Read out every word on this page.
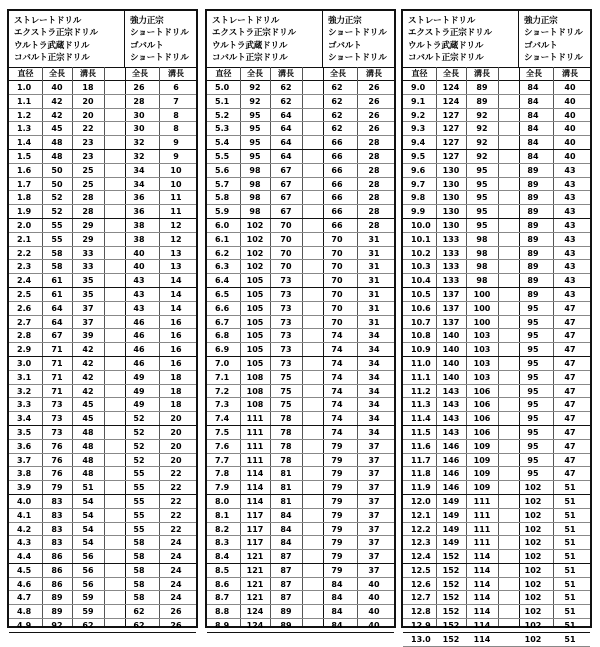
ストレートドリル
エクストラ正宗ドリル
ウルトラ武蔵ドリル
コバルト正宗ドリル
強力正宗
ショートドリル
ゴバルト
ショートドリル
直径	全長	溝長	全長	溝長
1.0	40	18	26	6
1.1	42	20	28	7
1.2	42	20	30	8
1.3	45	22	30	8
1.4	48	23	32	9
1.5	48	23	32	9
1.6	50	25	34	10
1.7	50	25	34	10
1.8	52	28	36	11
1.9	52	28	36	11
2.0	55	29	38	12
2.1	55	29	38	12
2.2	58	33	40	13
2.3	58	33	40	13
2.4	61	35	43	14
2.5	61	35	43	14
2.6	64	37	43	14
2.7	64	37	46	16
2.8	67	39	46	16
2.9	71	42	46	16
3.0	71	42	46	16
3.1	71	42	49	18
3.2	71	42	49	18
3.3	73	45	49	18
3.4	73	45	52	20
3.5	73	48	52	20
3.6	76	48	52	20
3.7	76	48	52	20
3.8	76	48	55	22
3.9	79	51	55	22
4.0	83	54	55	22
4.1	83	54	55	22
4.2	83	54	55	22
4.3	83	54	58	24
4.4	86	56	58	24
4.5	86	56	58	24
4.6	86	56	58	24
4.7	89	59	58	24
4.8	89	59	62	26
4.9	92	62	62	26
ストレートドリル
エクストラ正宗ドリル
ウルトラ武蔵ドリル
コバルト正宗ドリル
強力正宗
ショートドリル
ゴバルト
ショートドリル
直径	全長	溝長	全長	溝長
5.0	92	62	62	26
5.1	92	62	62	26
5.2	95	64	62	26
5.3	95	64	62	26
5.4	95	64	66	28
5.5	95	64	66	28
5.6	98	67	66	28
5.7	98	67	66	28
5.8	98	67	66	28
5.9	98	67	66	28
6.0	102	70	66	28
6.1	102	70	70	31
6.2	102	70	70	31
6.3	102	70	70	31
6.4	105	73	70	31
6.5	105	73	70	31
6.6	105	73	70	31
6.7	105	73	70	31
6.8	105	73	74	34
6.9	105	73	74	34
7.0	105	73	74	34
7.1	108	75	74	34
7.2	108	75	74	34
7.3	108	75	74	34
7.4	111	78	74	34
7.5	111	78	74	34
7.6	111	78	79	37
7.7	111	78	79	37
7.8	114	81	79	37
7.9	114	81	79	37
8.0	114	81	79	37
8.1	117	84	79	37
8.2	117	84	79	37
8.3	117	84	79	37
8.4	121	87	79	37
8.5	121	87	79	37
8.6	121	87	84	40
8.7	121	87	84	40
8.8	124	89	84	40
8.9	124	89	84	40
ストレートドリル
エクストラ正宗ドリル
ウルトラ武蔵ドリル
コバルト正宗ドリル
強力正宗
ショートドリル
ゴバルト
ショートドリル
直径	全長	溝長	全長	溝長
9.0	124	89	84	40
9.1	124	89	84	40
9.2	127	92	84	40
9.3	127	92	84	40
9.4	127	92	84	40
9.5	127	92	84	40
9.6	130	95	89	43
9.7	130	95	89	43
9.8	130	95	89	43
9.9	130	95	89	43
10.0	130	95	89	43
10.1	133	98	89	43
10.2	133	98	89	43
10.3	133	98	89	43
10.4	133	98	89	43
10.5	137	100	89	43
10.6	137	100	95	47
10.7	137	100	95	47
10.8	140	103	95	47
10.9	140	103	95	47
11.0	140	103	95	47
11.1	140	103	95	47
11.2	143	106	95	47
11.3	143	106	95	47
11.4	143	106	95	47
11.5	143	106	95	47
11.6	146	109	95	47
11.7	146	109	95	47
11.8	146	109	95	47
11.9	146	109	102	51
12.0	149	111	102	51
12.1	149	111	102	51
12.2	149	111	102	51
12.3	149	111	102	51
12.4	152	114	102	51
12.5	152	114	102	51
12.6	152	114	102	51
12.7	152	114	102	51
12.8	152	114	102	51
12.9	152	114	102	51
13.0	152	114	102	51
